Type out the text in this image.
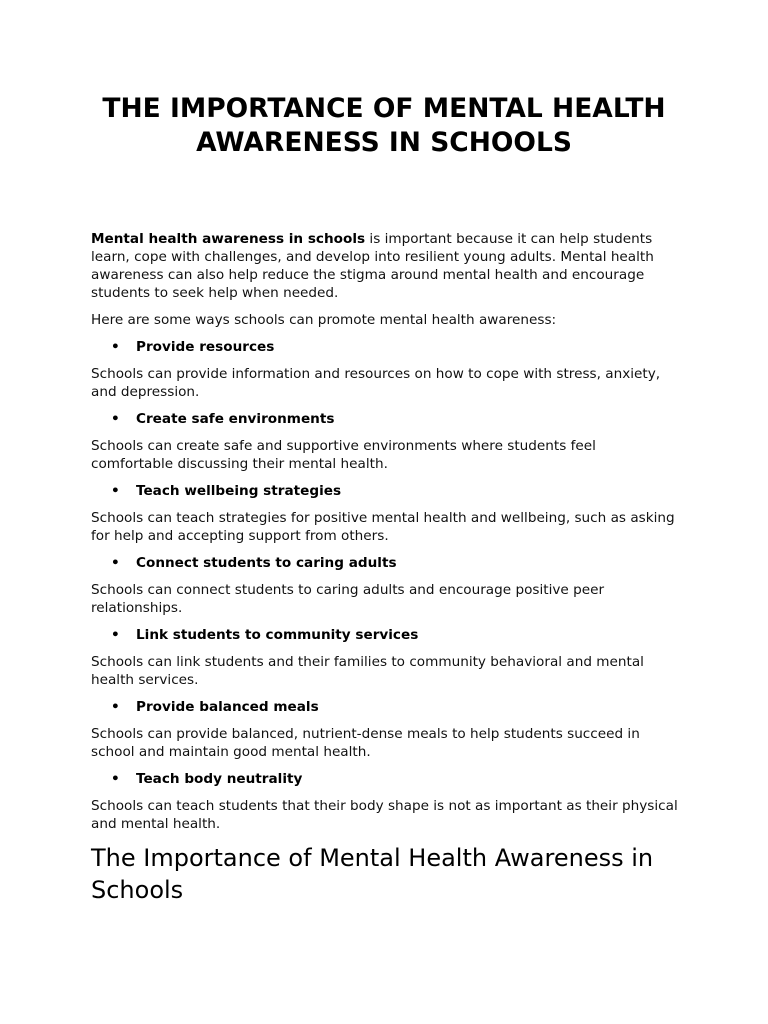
THE IMPORTANCE OF MENTAL HEALTH AWARENESS IN SCHOOLS

Mental health awareness in schools is important because it can help students learn, cope with challenges, and develop into resilient young adults. Mental health awareness can also help reduce the stigma around mental health and encourage students to seek help when needed.

Here are some ways schools can promote mental health awareness:

• Provide resources

Schools can provide information and resources on how to cope with stress, anxiety, and depression.

• Create safe environments

Schools can create safe and supportive environments where students feel comfortable discussing their mental health.

• Teach wellbeing strategies

Schools can teach strategies for positive mental health and wellbeing, such as asking for help and accepting support from others.

• Connect students to caring adults

Schools can connect students to caring adults and encourage positive peer relationships.

• Link students to community services

Schools can link students and their families to community behavioral and mental health services.

• Provide balanced meals

Schools can provide balanced, nutrient-dense meals to help students succeed in school and maintain good mental health.

• Teach body neutrality

Schools can teach students that their body shape is not as important as their physical and mental health.

The Importance of Mental Health Awareness in Schools
